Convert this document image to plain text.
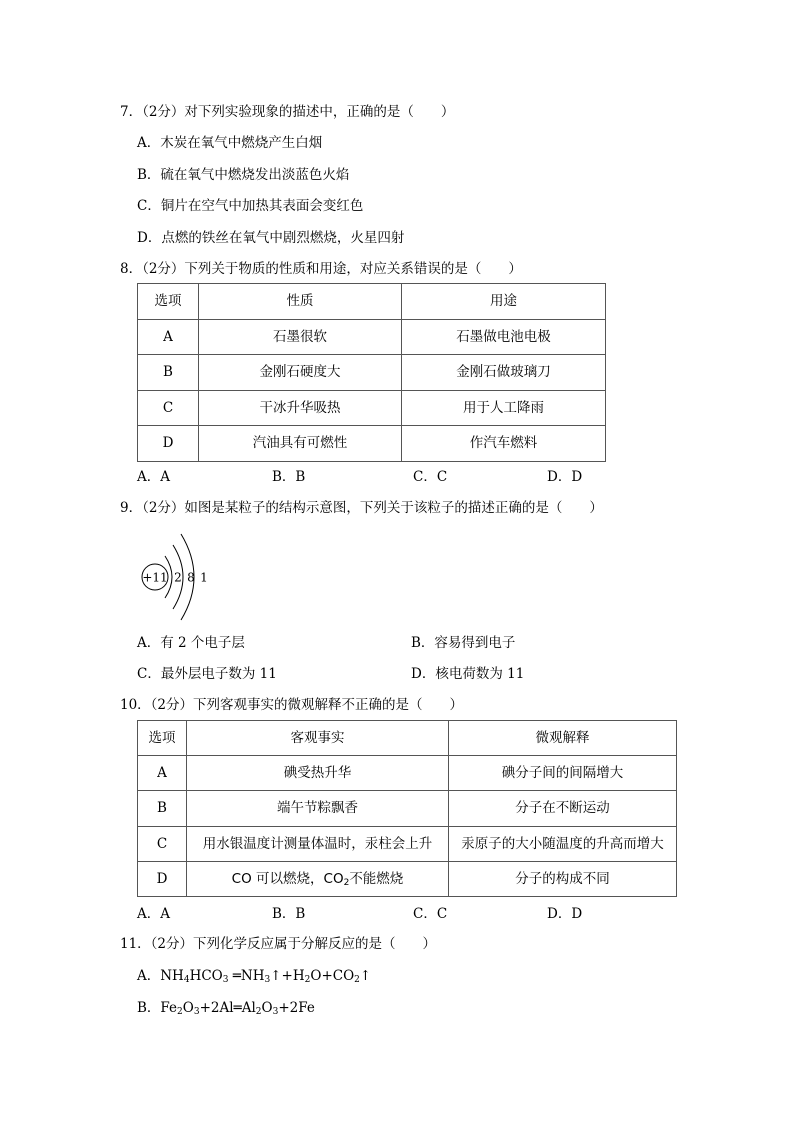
7．（2分）对下列实验现象的描述中，正确的是（　　）
A．木炭在氧气中燃烧产生白烟
B．硫在氧气中燃烧发出淡蓝色火焰
C．铜片在空气中加热其表面会变红色
D．点燃的铁丝在氧气中剧烈燃烧，火星四射
8．（2分）下列关于物质的性质和用途，对应关系错误的是（　　）
选项	性质	用途
A	石墨很软	石墨做电池电极
B	金刚石硬度大	金刚石做玻璃刀
C	干冰升华吸热	用于人工降雨
D	汽油具有可燃性	作汽车燃料
A．A	B．B	C．C	D．D
9．（2分）如图是某粒子的结构示意图，下列关于该粒子的描述正确的是（　　）
+11 2 8 1
A．有 2 个电子层	B．容易得到电子
C．最外层电子数为 11	D．核电荷数为 11
10．（2分）下列客观事实的微观解释不正确的是（　　）
选项	客观事实	微观解释
A	碘受热升华	碘分子间的间隔增大
B	端午节粽飘香	分子在不断运动
C	用水银温度计测量体温时，汞柱会上升	汞原子的大小随温度的升高而增大
D	CO 可以燃烧，$CO_2$不能燃烧	分子的构成不同
A．A	B．B	C．C	D．D
11．（2分）下列化学反应属于分解反应的是（　　）
A．$NH_4HCO_3$ $═NH_3↑+H_2O+CO_2↑$
B．$Fe_2O_3+2Al═Al_2O_3+2Fe$
